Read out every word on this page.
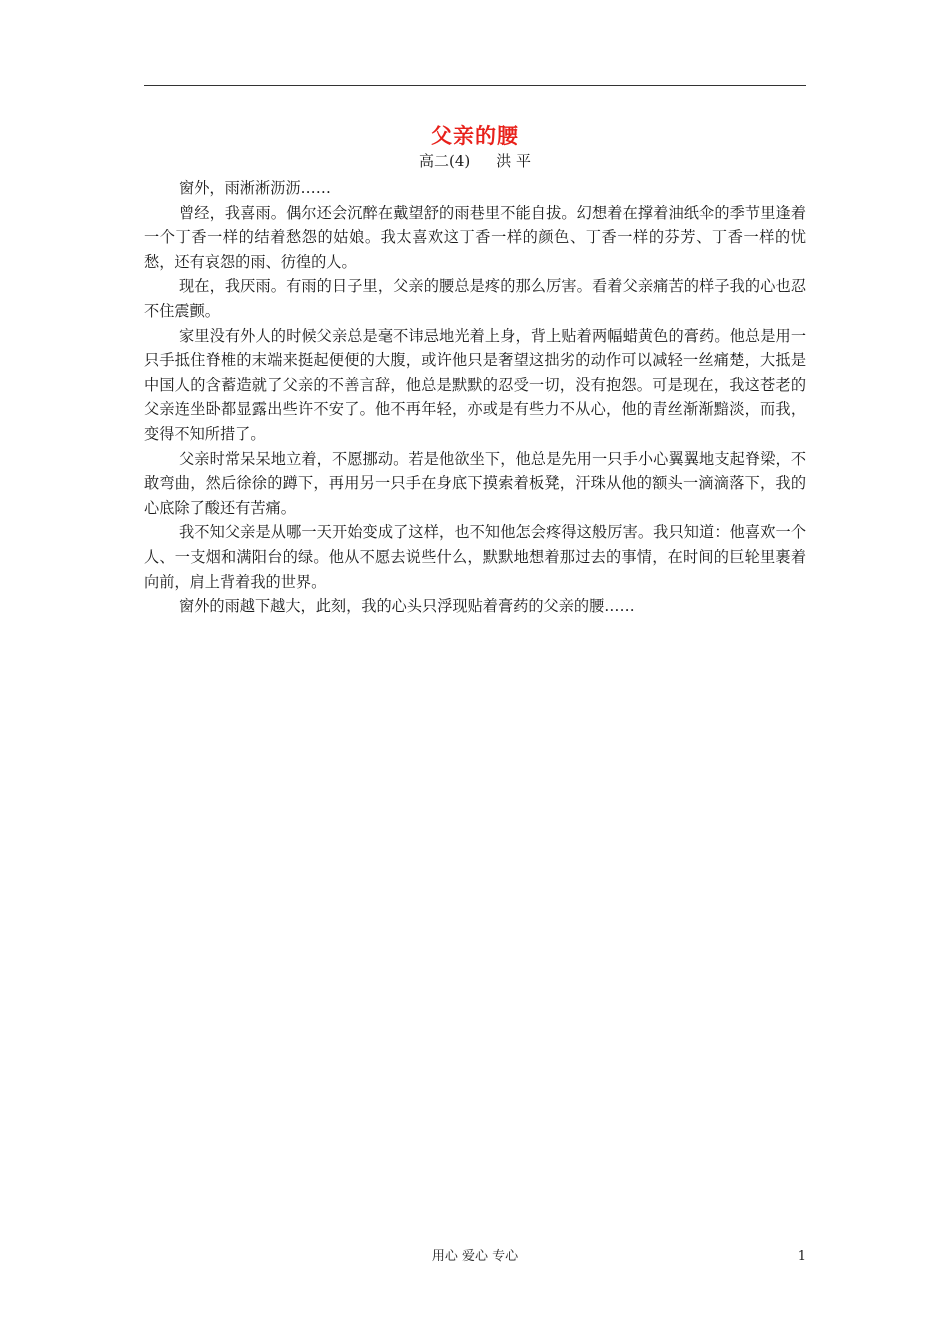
父亲的腰
高二(4) 洪 平

窗外，雨淅淅沥沥……

曾经，我喜雨。偶尔还会沉醉在戴望舒的雨巷里不能自拔。幻想着在撑着油纸伞的季节里逢着一个丁香一样的结着愁怨的姑娘。我太喜欢这丁香一样的颜色、丁香一样的芬芳、丁香一样的忧愁，还有哀怨的雨、彷徨的人。

现在，我厌雨。有雨的日子里，父亲的腰总是疼的那么厉害。看着父亲痛苦的样子我的心也忍不住震颤。

家里没有外人的时候父亲总是毫不讳忌地光着上身，背上贴着两幅蜡黄色的膏药。他总是用一只手抵住脊椎的末端来挺起便便的大腹，或许他只是奢望这拙劣的动作可以减轻一丝痛楚，大抵是中国人的含蓄造就了父亲的不善言辞，他总是默默的忍受一切，没有抱怨。可是现在，我这苍老的父亲连坐卧都显露出些许不安了。他不再年轻，亦或是有些力不从心，他的青丝渐渐黯淡，而我，变得不知所措了。

父亲时常呆呆地立着，不愿挪动。若是他欲坐下，他总是先用一只手小心翼翼地支起脊梁，不敢弯曲，然后徐徐的蹲下，再用另一只手在身底下摸索着板凳，汗珠从他的额头一滴滴落下，我的心底除了酸还有苦痛。

我不知父亲是从哪一天开始变成了这样，也不知他怎会疼得这般厉害。我只知道：他喜欢一个人、一支烟和满阳台的绿。他从不愿去说些什么，默默地想着那过去的事情，在时间的巨轮里裹着向前，肩上背着我的世界。

窗外的雨越下越大，此刻，我的心头只浮现贴着膏药的父亲的腰……

用心 爱心 专心	1
